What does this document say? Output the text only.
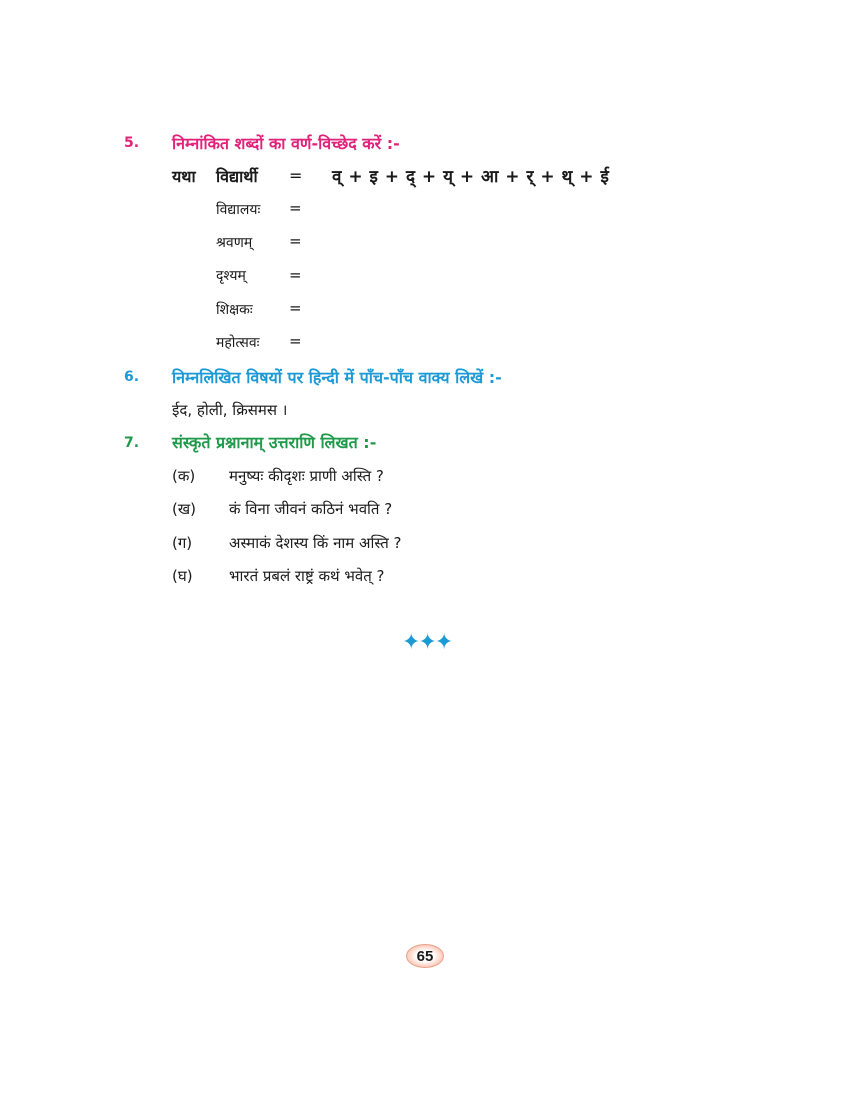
5. निम्नांकित शब्दों का वर्ण-विच्छेद करें :-
यथा विद्यार्थी = व् + इ + द् + य् + आ + र् + थ् + ई
विद्यालयः =
श्रवणम् =
दृश्यम्	=
शिक्षकः =
महोत्सवः =
6. निम्नलिखित विषयों पर हिन्दी में पाँच-पाँच वाक्य लिखें :-
ईद, होली, क्रिसमस ।
7. संस्कृते प्रश्नानाम् उत्तराणि लिखत :-
(क) मनुष्यः कीदृशः प्राणी अस्ति ?
(ख) कं विना जीवनं कठिनं भवति ?
(ग) अस्माकं देशस्य किं नाम अस्ति ?
(घ) भारतं प्रबलं राष्ट्रं कथं भवेत् ?
✦✦✦
65
